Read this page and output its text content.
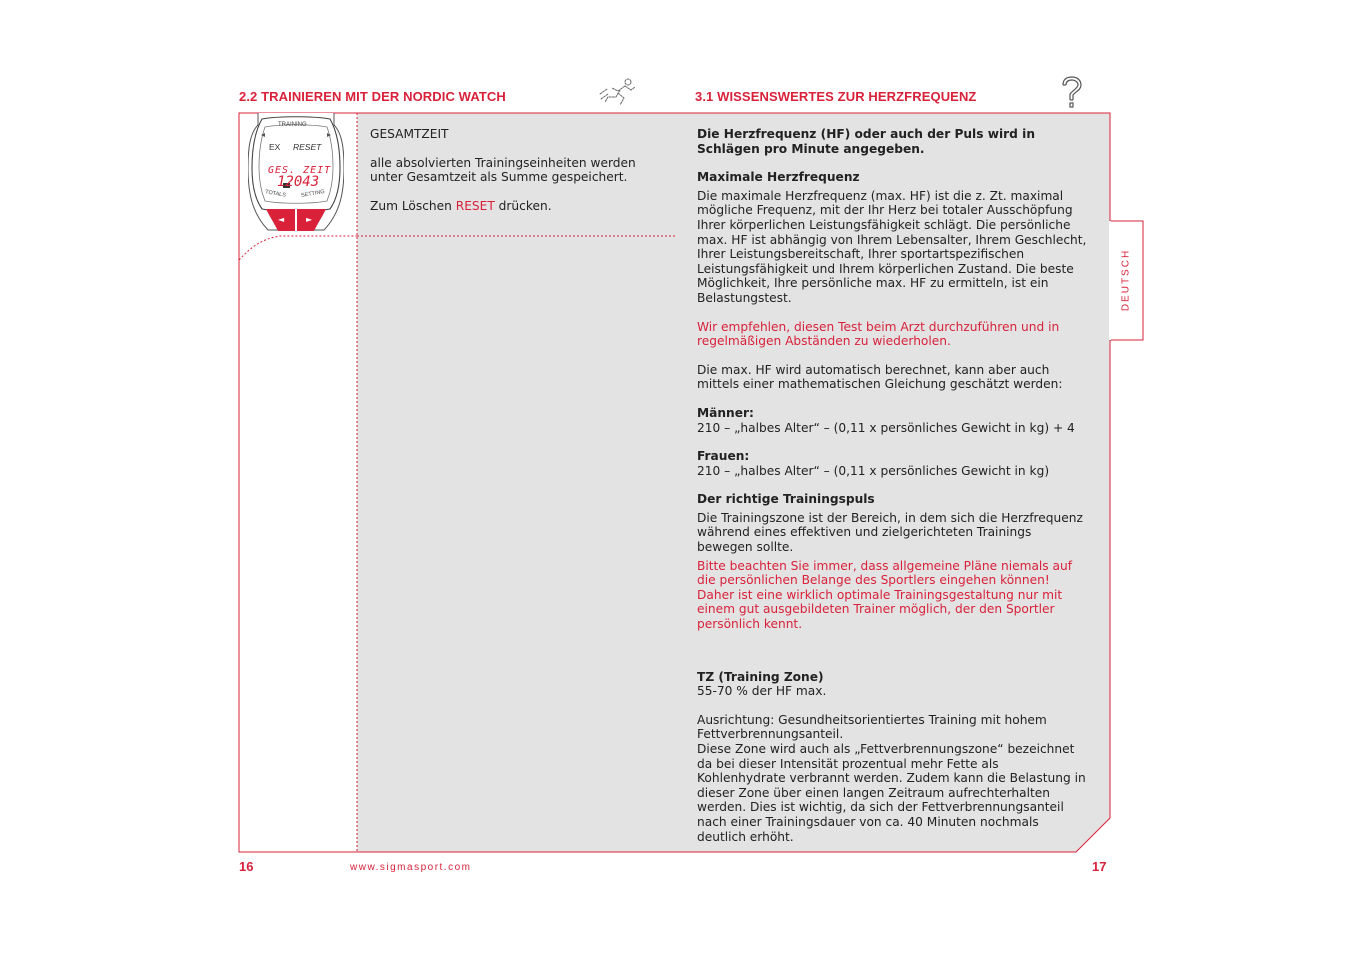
2.2 TRAINIEREN MIT DER NORDIC WATCH	3.1 WISSENSWERTES ZUR HERZFREQUENZ
DEUTSCH
TRAINING
EX RESET
GES. ZEIT
12043
TOTALS	SETTING
◄	►

GESAMTZEIT

alle absolvierten Trainingseinheiten werden unter Gesamtzeit als Summe gespeichert.

Zum Löschen RESET drücken.

Die Herzfrequenz (HF) oder auch der Puls wird in Schlägen pro Minute angegeben.

Maximale Herzfrequenz

Die maximale Herzfrequenz (max. HF) ist die z. Zt. maximal mögliche Frequenz, mit der Ihr Herz bei totaler Ausschöpfung Ihrer körperlichen Leistungsfähigkeit schlägt. Die persönliche max. HF ist abhängig von Ihrem Lebensalter, Ihrem Geschlecht, Ihrer Leistungsbereitschaft, Ihrer sportartspezifischen Leistungsfähigkeit und Ihrem körperlichen Zustand. Die beste Möglichkeit, Ihre persönliche max. HF zu ermitteln, ist ein Belastungstest.

Wir empfehlen, diesen Test beim Arzt durchzuführen und in regelmäßigen Abständen zu wiederholen.

Die max. HF wird automatisch berechnet, kann aber auch mittels einer mathematischen Gleichung geschätzt werden:

Männer:

210 – „halbes Alter“ – (0,11 x persönliches Gewicht in kg) + 4

Frauen:

210 – „halbes Alter“ – (0,11 x persönliches Gewicht in kg)

Der richtige Trainingspuls

Die Trainingszone ist der Bereich, in dem sich die Herzfrequenz während eines effektiven und zielgerichteten Trainings bewegen sollte.

Bitte beachten Sie immer, dass allgemeine Pläne niemals auf die persönlichen Belange des Sportlers eingehen können! Daher ist eine wirklich optimale Trainingsgestaltung nur mit einem gut ausgebildeten Trainer möglich, der den Sportler persönlich kennt.

TZ (Training Zone)

55-70 % der HF max.

Ausrichtung: Gesundheitsorientiertes Training mit hohem Fettverbrennungsanteil.

Diese Zone wird auch als „Fettverbrennungszone“ bezeichnet da bei dieser Intensität prozentual mehr Fette als Kohlenhydrate verbrannt werden. Zudem kann die Belastung in dieser Zone über einen langen Zeitraum aufrechterhalten werden. Dies ist wichtig, da sich der Fettverbrennungsanteil nach einer Trainingsdauer von ca. 40 Minuten nochmals deutlich erhöht.

16	www.sigmasport.com	17
